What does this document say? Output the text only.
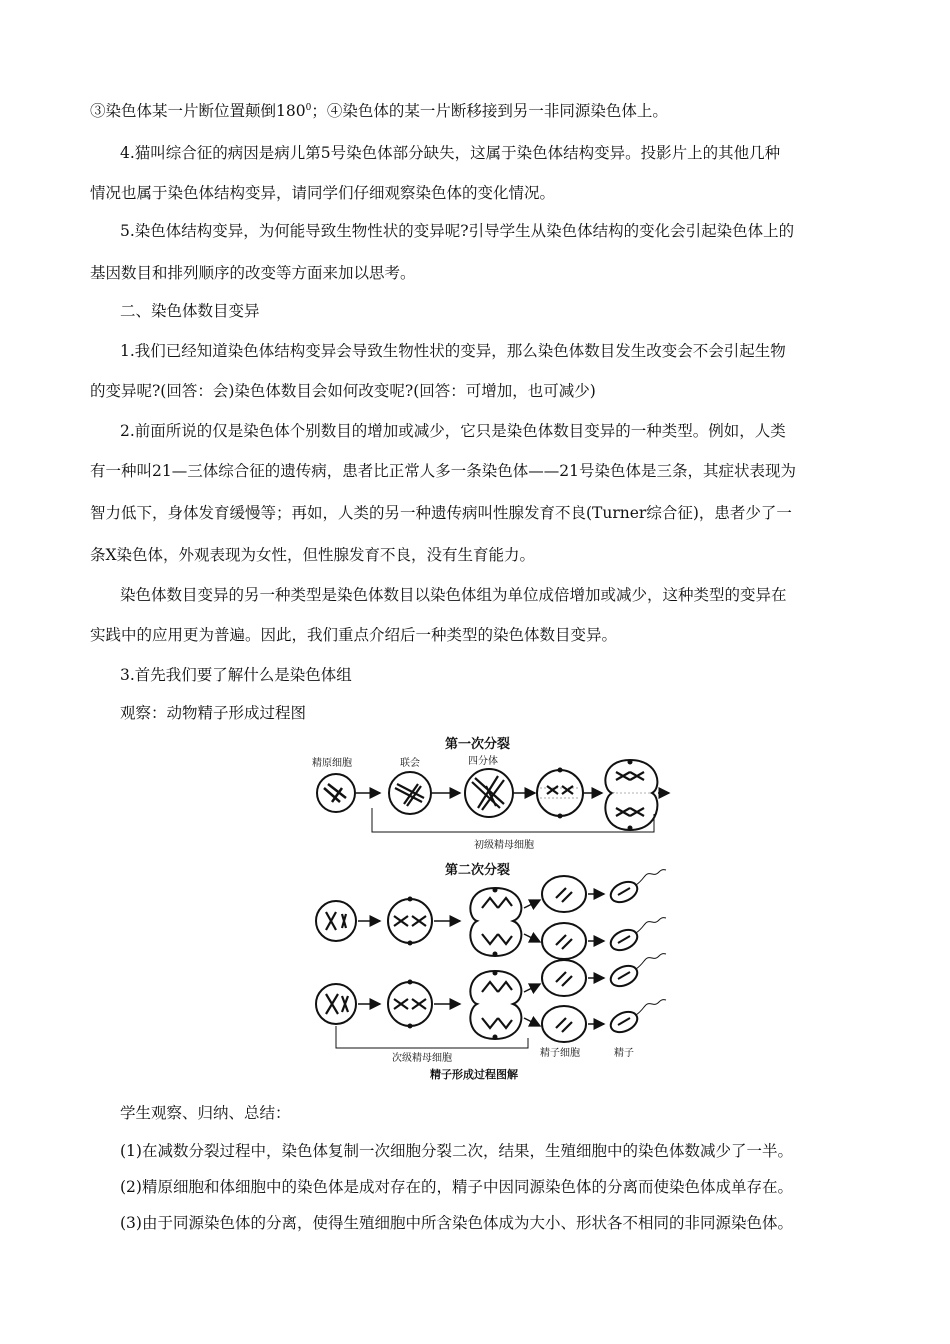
③染色体某一片断位置颠倒$180^0$；④染色体的某一片断移接到另一非同源染色体上。
4.猫叫综合征的病因是病儿第5号染色体部分缺失，这属于染色体结构变异。投影片上的其他几种
情况也属于染色体结构变异，请同学们仔细观察染色体的变化情况。
5.染色体结构变异，为何能导致生物性状的变异呢?引导学生从染色体结构的变化会引起染色体上的
基因数目和排列顺序的改变等方面来加以思考。
二、染色体数目变异
1.我们已经知道染色体结构变异会导致生物性状的变异，那么染色体数目发生改变会不会引起生物
的变异呢?(回答：会)染色体数目会如何改变呢?(回答：可增加，也可减少)
2.前面所说的仅是染色体个别数目的增加或减少，它只是染色体数目变异的一种类型。例如，人类
有一种叫21—三体综合征的遗传病，患者比正常人多一条染色体——21号染色体是三条，其症状表现为
智力低下，身体发育缓慢等；再如，人类的另一种遗传病叫性腺发育不良(Turner综合征)，患者少了一
条X染色体，外观表现为女性，但性腺发育不良，没有生育能力。
染色体数目变异的另一种类型是染色体数目以染色体组为单位成倍增加或减少，这种类型的变异在
实践中的应用更为普遍。因此，我们重点介绍后一种类型的染色体数目变异。
3.首先我们要了解什么是染色体组
观察：动物精子形成过程图
第一次分裂
精原细胞	联会	四分体
初级精母细胞
第二次分裂
次级精母细胞	精子细胞	精子
精子形成过程图解
学生观察、归纳、总结：
(1)在减数分裂过程中，染色体复制一次细胞分裂二次，结果，生殖细胞中的染色体数减少了一半。
(2)精原细胞和体细胞中的染色体是成对存在的，精子中因同源染色体的分离而使染色体成单存在。
(3)由于同源染色体的分离，使得生殖细胞中所含染色体成为大小、形状各不相同的非同源染色体。
